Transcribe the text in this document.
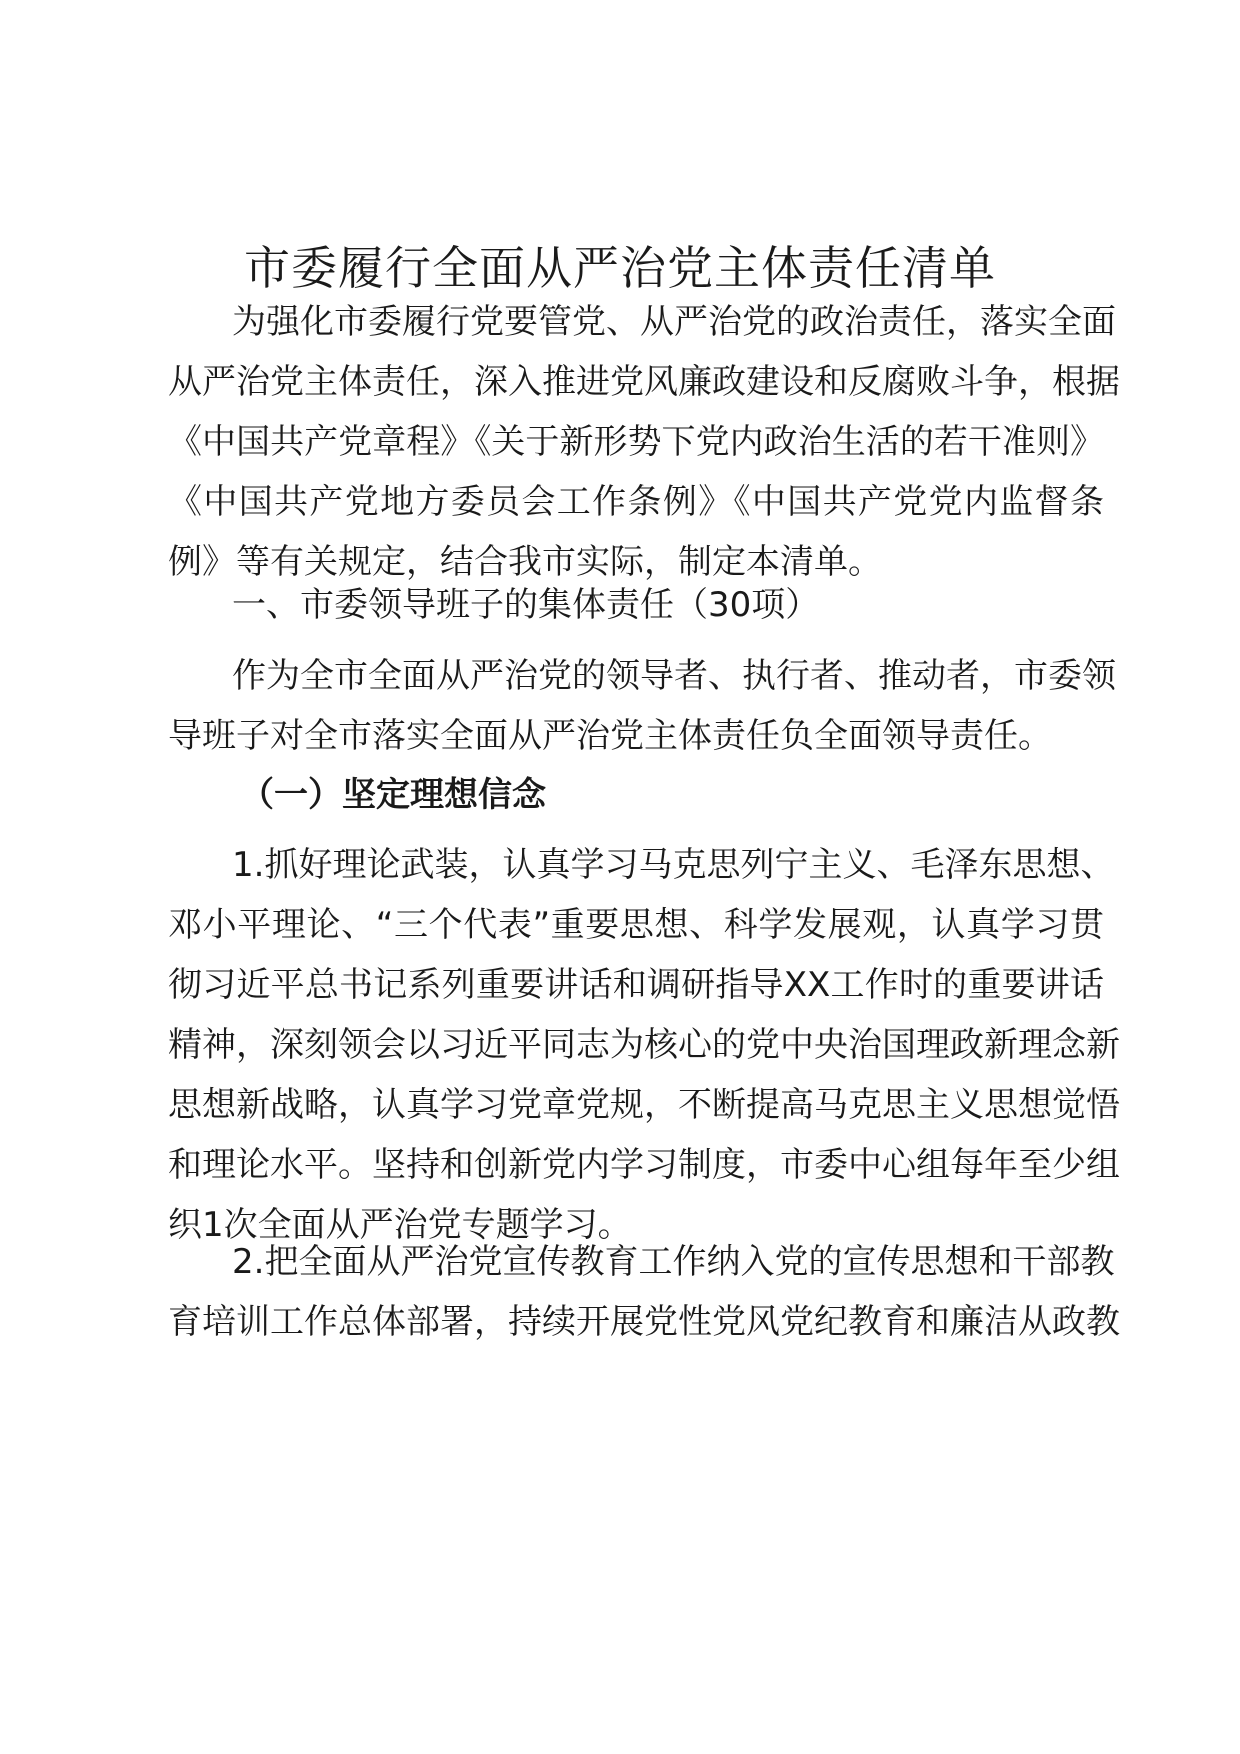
市委履行全面从严治党主体责任清单
为强化市委履行党要管党、从严治党的政治责任，落实全面
从严治党主体责任，深入推进党风廉政建设和反腐败斗争，根据
《中国共产党章程》《关于新形势下党内政治生活的若干准则》
《中国共产党地方委员会工作条例》《中国共产党党内监督条
例》等有关规定，结合我市实际，制定本清单。
一、市委领导班子的集体责任（30项）
作为全市全面从严治党的领导者、执行者、推动者，市委领
导班子对全市落实全面从严治党主体责任负全面领导责任。
（一）坚定理想信念
1.抓好理论武装，认真学习马克思列宁主义、毛泽东思想、
邓小平理论、“三个代表”重要思想、科学发展观，认真学习贯
彻习近平总书记系列重要讲话和调研指导XX工作时的重要讲话
精神，深刻领会以习近平同志为核心的党中央治国理政新理念新
思想新战略，认真学习党章党规，不断提高马克思主义思想觉悟
和理论水平。坚持和创新党内学习制度，市委中心组每年至少组
织1次全面从严治党专题学习。
2.把全面从严治党宣传教育工作纳入党的宣传思想和干部教
育培训工作总体部署，持续开展党性党风党纪教育和廉洁从政教
